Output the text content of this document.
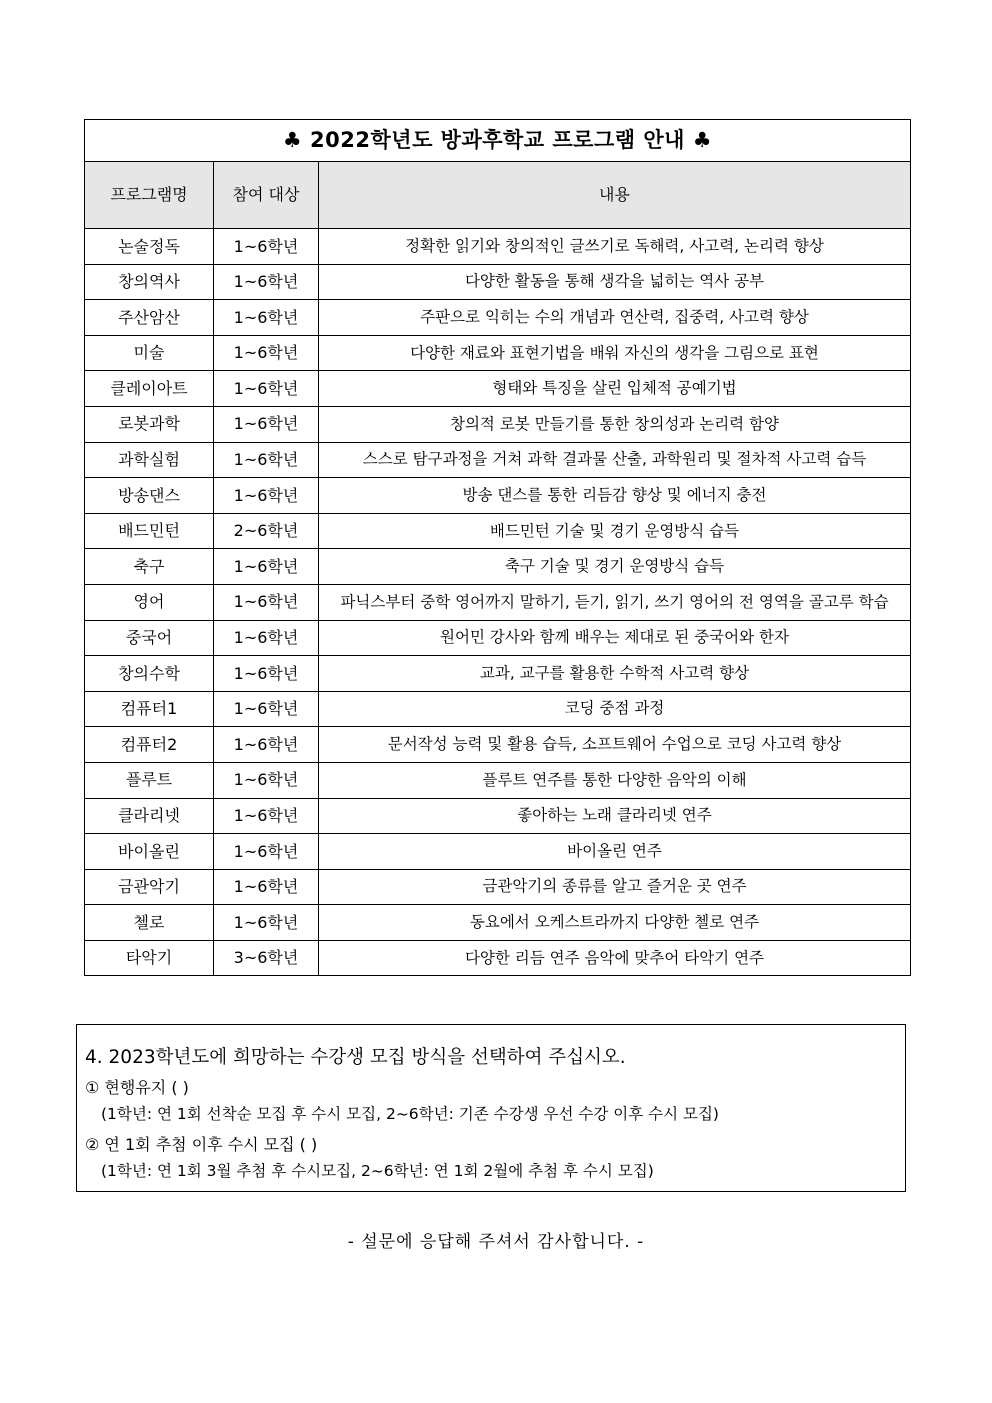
♣ 2022학년도 방과후학교 프로그램 안내 ♣		
프로그램명	참여 대상	내용
논술정독	1~6학년	정확한 읽기와 창의적인 글쓰기로 독해력, 사고력, 논리력 향상
창의역사	1~6학년	다양한 활동을 통해 생각을 넓히는 역사 공부
주산암산	1~6학년	주판으로 익히는 수의 개념과 연산력, 집중력, 사고력 향상
미술	1~6학년	다양한 재료와 표현기법을 배워 자신의 생각을 그림으로 표현
클레이아트	1~6학년	형태와 특징을 살린 입체적 공예기법
로봇과학	1~6학년	창의적 로봇 만들기를 통한 창의성과 논리력 함양
과학실험	1~6학년	스스로 탐구과정을 거쳐 과학 결과물 산출, 과학원리 및 절차적 사고력 습득
방송댄스	1~6학년	방송 댄스를 통한 리듬감 향상 및 에너지 충전
배드민턴	2~6학년	배드민턴 기술 및 경기 운영방식 습득
축구	1~6학년	축구 기술 및 경기 운영방식 습득
영어	1~6학년	파닉스부터 중학 영어까지 말하기, 듣기, 읽기, 쓰기 영어의 전 영역을 골고루 학습
중국어	1~6학년	원어민 강사와 함께 배우는 제대로 된 중국어와 한자
창의수학	1~6학년	교과, 교구를 활용한 수학적 사고력 향상
컴퓨터1	1~6학년	코딩 중점 과정
컴퓨터2	1~6학년	문서작성 능력 및 활용 습득, 소프트웨어 수업으로 코딩 사고력 향상
플루트	1~6학년	플루트 연주를 통한 다양한 음악의 이해
클라리넷	1~6학년	좋아하는 노래 클라리넷 연주
바이올린	1~6학년	바이올린 연주
금관악기	1~6학년	금관악기의 종류를 알고 즐거운 곳 연주
첼로	1~6학년	동요에서 오케스트라까지 다양한 첼로 연주
타악기	3~6학년	다양한 리듬 연주 음악에 맞추어 타악기 연주
4. 2023학년도에 희망하는 수강생 모집 방식을 선택하여 주십시오.
① 현행유지 ( )
(1학년: 연 1회 선착순 모집 후 수시 모집, 2~6학년: 기존 수강생 우선 수강 이후 수시 모집)
② 연 1회 추첨 이후 수시 모집 ( )
(1학년: 연 1회 3월 추첨 후 수시모집, 2~6학년: 연 1회 2월에 추첨 후 수시 모집)
- 설문에 응답해 주셔서 감사합니다. -
